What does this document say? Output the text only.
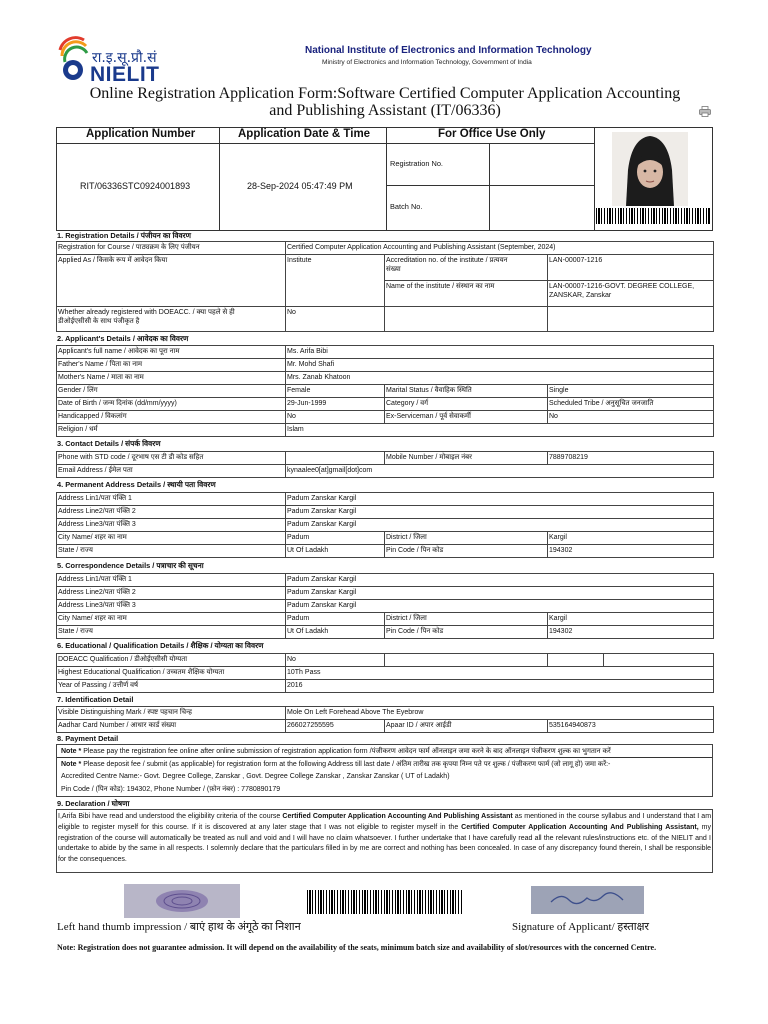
रा.इ.सू.प्रौ.सं
NIELIT
National Institute of Electronics and Information Technology
Ministry of Electronics and Information Technology, Government of India
Online Registration Application Form:Software Certified Computer Application Accounting
and Publishing Assistant (IT/06336)
Application Number	Application Date & Time	For Office Use Only
RIT/06336STC0924001893	28-Sep-2024 05:47:49 PM
Registration No.
Batch No.
1. Registration Details / पंजीयन का विवरण
Registration for Course / पाठ्यक्रम के लिए पंजीयन	Certified Computer Application Accounting and Publishing Assistant (September, 2024)		
Applied As / किसके रूप में आवेदन किया	Institute	Accreditation no. of the institute / प्रत्ययन
संख्या	LAN-00007-1216
		Name of the institute / संस्थान का नाम	LAN-00007-1216-GOVT. DEGREE COLLEGE,
ZANSKAR, Zanskar

Whether already registered with DOEACC. / क्या पहले से ही
डीओईएसीसी के साथ पंजीकृत है	No		
2. Applicant's Details / आवेदक का विवरण
Applicant's full name / आवेदक का पूरा नाम	Ms. Arifa Bibi		
Father's Name / पिता का नाम	Mr. Mohd Shafi		
Mother's Name / माता का नाम	Mrs. Zanab Khatoon		
Gender / लिंग	Female	Marital Status / वैवाहिक स्थिति	Single
Date of Birth / जन्म दिनांक (dd/mm/yyyy)	29-Jun-1999	Category / वर्ग	Scheduled Tribe / अनुसूचित जनजाति
Handicapped / विकलांग	No	Ex-Serviceman / पूर्व सेवाकर्मी	No
Religion / धर्म	Islam		
3. Contact Details / संपर्क विवरण
Phone with STD code / दूरभाष एस टी डी कोड सहित		Mobile Number / मोबाइल नंबर	7889708219
Email Address / ईमेल पता	kynaalee0[at]gmail[dot]com		
4. Permanent Address Details / स्थायी पता विवरण
Address Lin1/पता पंक्ति 1	Padum Zanskar Kargil		
Address Line2/पता पंक्ति 2	Padum Zanskar Kargil		
Address Line3/पता पंक्ति 3	Padum Zanskar Kargil		
City Name/ शहर का नाम	Padum	District / जिला	Kargil
State / राज्य	Ut Of Ladakh	Pin Code / पिन कोड	194302
5. Correspondence Details / पत्राचार की सूचना
Address Lin1/पता पंक्ति 1	Padum Zanskar Kargil		
Address Line2/पता पंक्ति 2	Padum Zanskar Kargil		
Address Line3/पता पंक्ति 3	Padum Zanskar Kargil		
City Name/ शहर का नाम	Padum	District / जिला	Kargil
State / राज्य	Ut Of Ladakh	Pin Code / पिन कोड	194302
6. Educational / Qualification Details / शैक्षिक / योग्यता का विवरण
DOEACC Qualification / डीओईएसीसी योग्यता	No			
Highest Educational Qualification / उच्चतम शैक्षिक योग्यता	10Th Pass			
Year of Passing / उत्तीर्ण वर्ष	2016			
7. Identification Detail
Visible Distinguishing Mark / स्पष्ट पहचान चिन्ह	Mole On Left Forehead Above The Eyebrow		
Aadhar Card Number / आधार कार्ड संख्या	266027255595	Apaar ID / अपार आईडी	535164940873
8. Payment Detail
Note * Please pay the registration fee online after online submission of registration application form /पंजीकरण आवेदन फार्म ऑनलाइन जमा करने के बाद ऑनलाइन पंजीकरण शुल्क का भुगतान करें
Note * Please deposit fee / submit (as applicable) for registration form at the following Address till last date / अंतिम तारीख तक कृपया निम्न पते पर शुल्क / पंजीकरण फार्म (जो लागू हो) जमा करें:-
Accredited Centre Name:- Govt. Degree College, Zanskar , Govt. Degree College Zanskar , Zanskar Zanskar ( UT of Ladakh)
Pin Code / (पिन कोड): 194302, Phone Number / (फ़ोन नंबर) : 7780890179
9. Declaration / घोषणा
I,Arifa Bibi have read and understood the eligibility criteria of the course Certified Computer Application Accounting And Publishing Assistant as mentioned in the course syllabus and I understand that I am eligible to register myself for this course. If it is discovered at any later stage that I was not eligible to register myself in the Certified Computer Application Accounting And Publishing Assistant, my registration of the course will automatically be treated as null and void and I will have no claim whatsoever. I further undertake that I have carefully read all the relevant rules/instructions etc. of the NIELIT and I undertake to abide by the same in all respects. I solemnly declare that the particulars filled in by me are correct and nothing has been concealed. In case of any discrepancy found therein, I shall be responsible for the consequences.
Left hand thumb impression / बाएं हाथ के अंगूठे का निशान	Signature of Applicant/ हस्ताक्षर
Note: Registration does not guarantee admission. It will depend on the availability of the seats, minimum batch size and availability of slot/resources with the concerned Centre.
